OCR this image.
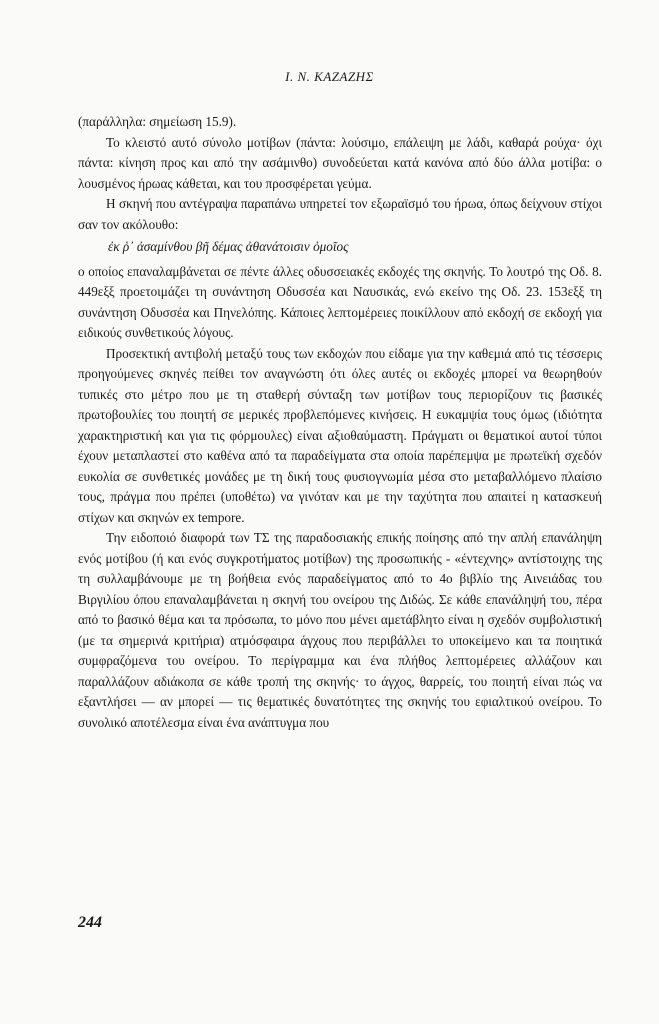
Ι. Ν. ΚΑΖΑΖΗΣ

(παράλληλα: σημείωση 15.9).

Το κλειστό αυτό σύνολο μοτίβων (πάντα: λούσιμο, επάλειψη με λάδι, καθαρά ρούχα· όχι πάντα: κίνηση προς και από την ασάμινθο) συνοδεύεται κατά κανόνα από δύο άλλα μοτίβα: ο λουσμένος ήρωας κάθεται, και του προσφέρεται γεύμα.

Η σκηνή που αντέγραψα παραπάνω υπηρετεί τον εξωραϊσμό του ήρωα, όπως δείχνουν στίχοι σαν τον ακόλουθο:

ἐκ ῥ᾽ ἀσαμίνθου βῆ δέμας ἀθανάτοισιν ὁμοῖος

ο οποίος επαναλαμβάνεται σε πέντε άλλες οδυσσειακές εκδοχές της σκηνής. Το λουτρό της Οδ. 8. 449εξξ προετοιμάζει τη συνάντηση Οδυσσέα και Ναυσικάς, ενώ εκείνο της Οδ. 23. 153εξξ τη συνάντηση Οδυσσέα και Πηνελόπης. Κάποιες λεπτομέρειες ποικίλλουν από εκδοχή σε εκδοχή για ειδικούς συνθετικούς λόγους.

Προσεκτική αντιβολή μεταξύ τους των εκδοχών που είδαμε για την καθεμιά από τις τέσσερις προηγούμενες σκηνές πείθει τον αναγνώστη ότι όλες αυτές οι εκδοχές μπορεί να θεωρηθούν τυπικές στο μέτρο που με τη σταθερή σύνταξη των μοτίβων τους περιορίζουν τις βασικές πρωτοβουλίες του ποιητή σε μερικές προβλεπόμενες κινήσεις. Η ευκαμψία τους όμως (ιδιότητα χαρακτηριστική και για τις φόρμουλες) είναι αξιοθαύμαστη. Πράγματι οι θεματικοί αυτοί τύποι έχουν μεταπλαστεί στο καθένα από τα παραδείγματα στα οποία παρέπεμψα με πρωτεϊκή σχεδόν ευκολία σε συνθετικές μονάδες με τη δική τους φυσιογνωμία μέσα στο μεταβαλλόμενο πλαίσιο τους, πράγμα που πρέπει (υποθέτω) να γινόταν και με την ταχύτητα που απαιτεί η κατασκευή στίχων και σκηνών ex tempore.

Την ειδοποιό διαφορά των ΤΣ της παραδοσιακής επικής ποίησης από την απλή επανάληψη ενός μοτίβου (ή και ενός συγκροτήματος μοτίβων) της προσωπικής - «έντεχνης» αντίστοιχης της τη συλλαμβάνουμε με τη βοήθεια ενός παραδείγματος από το 4ο βιβλίο της Αινειάδας του Βιργιλίου όπου επαναλαμβάνεται η σκηνή του ονείρου της Διδώς. Σε κάθε επανάληψή του, πέρα από το βασικό θέμα και τα πρόσωπα, το μόνο που μένει αμετάβλητο είναι η σχεδόν συμβολιστική (με τα σημερινά κριτήρια) ατμόσφαιρα άγχους που περιβάλλει το υποκείμενο και τα ποιητικά συμφραζόμενα του ονείρου. Το περίγραμμα και ένα πλήθος λεπτομέρειες αλλάζουν και παραλλάζουν αδιάκοπα σε κάθε τροπή της σκηνής· το άγχος, θαρρείς, του ποιητή είναι πώς να εξαντλήσει — αν μπορεί — τις θεματικές δυνατότητες της σκηνής του εφιαλτικού ονείρου. Το συνολικό αποτέλεσμα είναι ένα ανάπτυγμα που

244
